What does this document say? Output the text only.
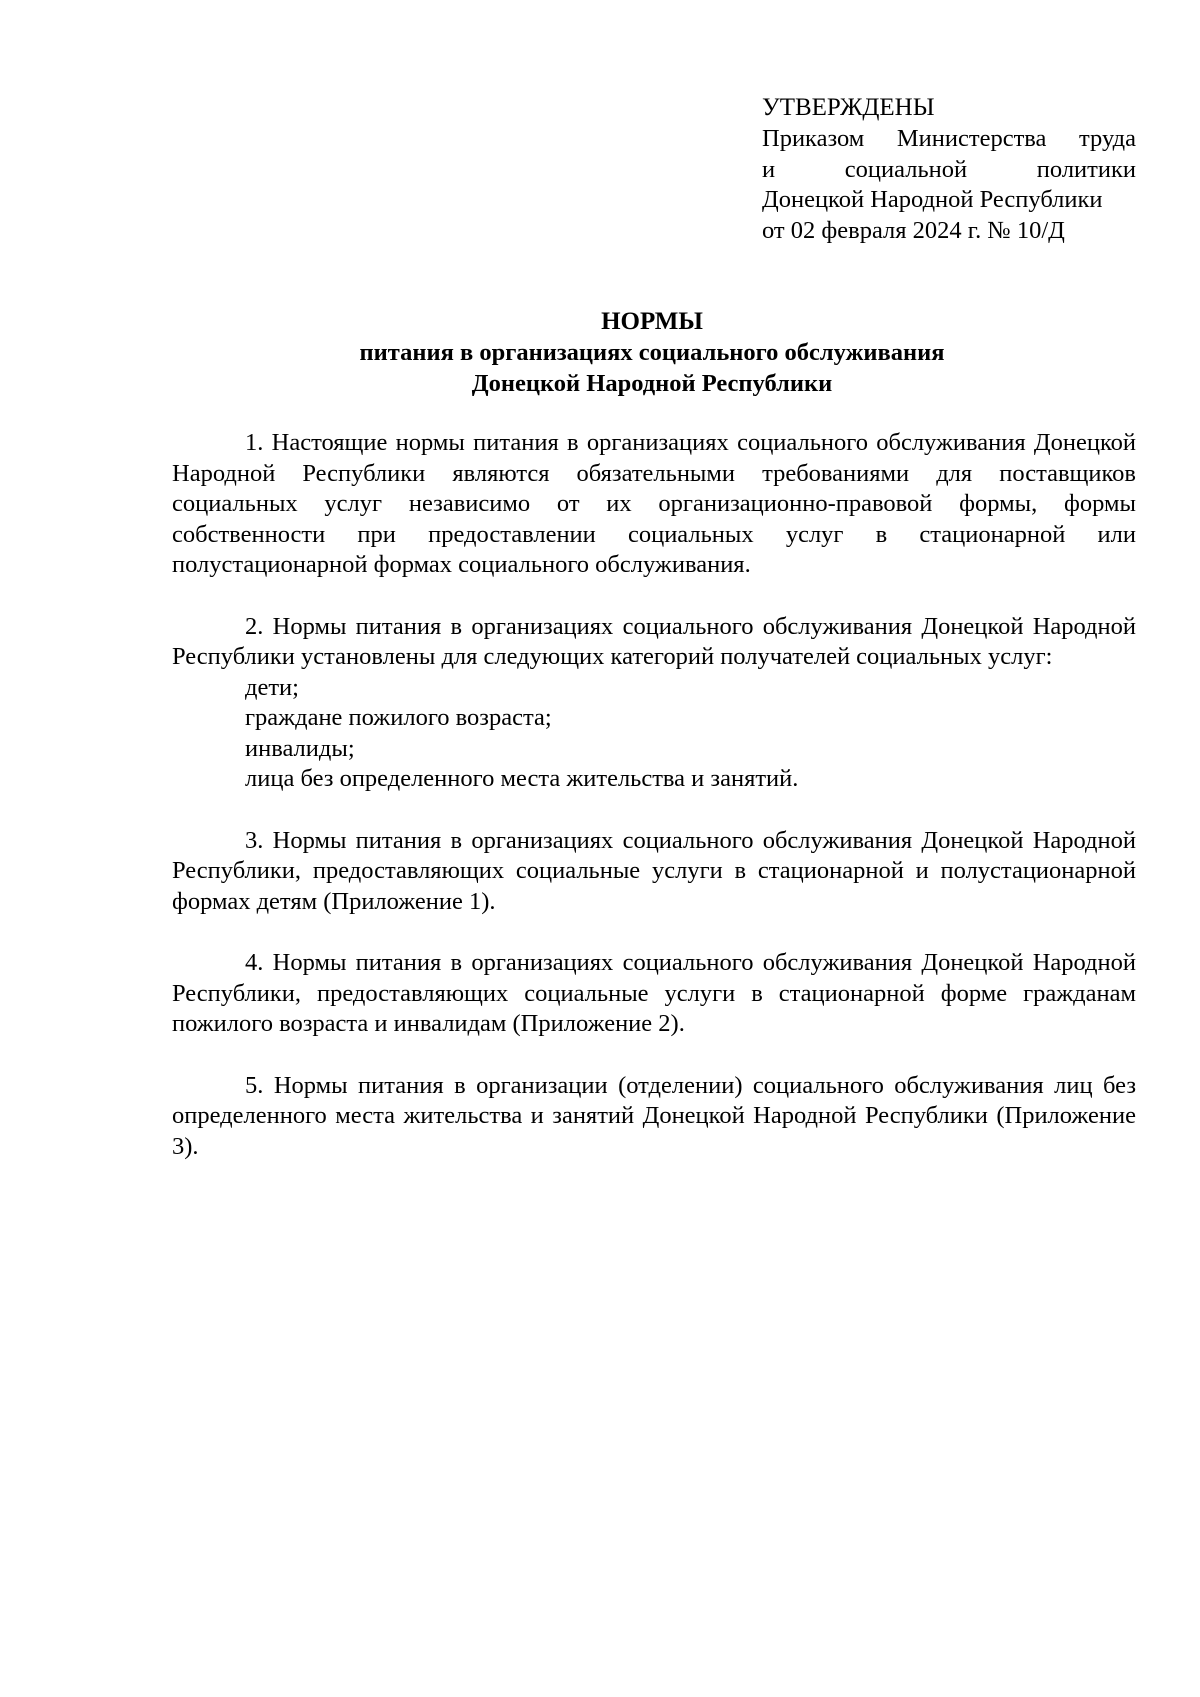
УТВЕРЖДЕНЫ
Приказом Министерства труда
и социальной политики
Донецкой Народной Республики
от 02 февраля 2024 г. № 10/Д
НОРМЫ
питания в организациях социального обслуживания
Донецкой Народной Республики

1. Настоящие нормы питания в организациях социального обслуживания Донецкой Народной Республики являются обязательными требованиями для поставщиков социальных услуг независимо от их организационно-правовой формы, формы собственности при предоставлении социальных услуг в стационарной или полустационарной формах социального обслуживания.

2. Нормы питания в организациях социального обслуживания Донецкой Народной Республики установлены для следующих категорий получателей социальных услуг:

дети;
граждане пожилого возраста;
инвалиды;
лица без определенного места жительства и занятий.

3. Нормы питания в организациях социального обслуживания Донецкой Народной Республики, предоставляющих социальные услуги в стационарной и полустационарной формах детям (Приложение 1).

4. Нормы питания в организациях социального обслуживания Донецкой Народной Республики, предоставляющих социальные услуги в стационарной форме гражданам пожилого возраста и инвалидам (Приложение 2).

5. Нормы питания в организации (отделении) социального обслуживания лиц без определенного места жительства и занятий Донецкой Народной Республики (Приложение 3).
